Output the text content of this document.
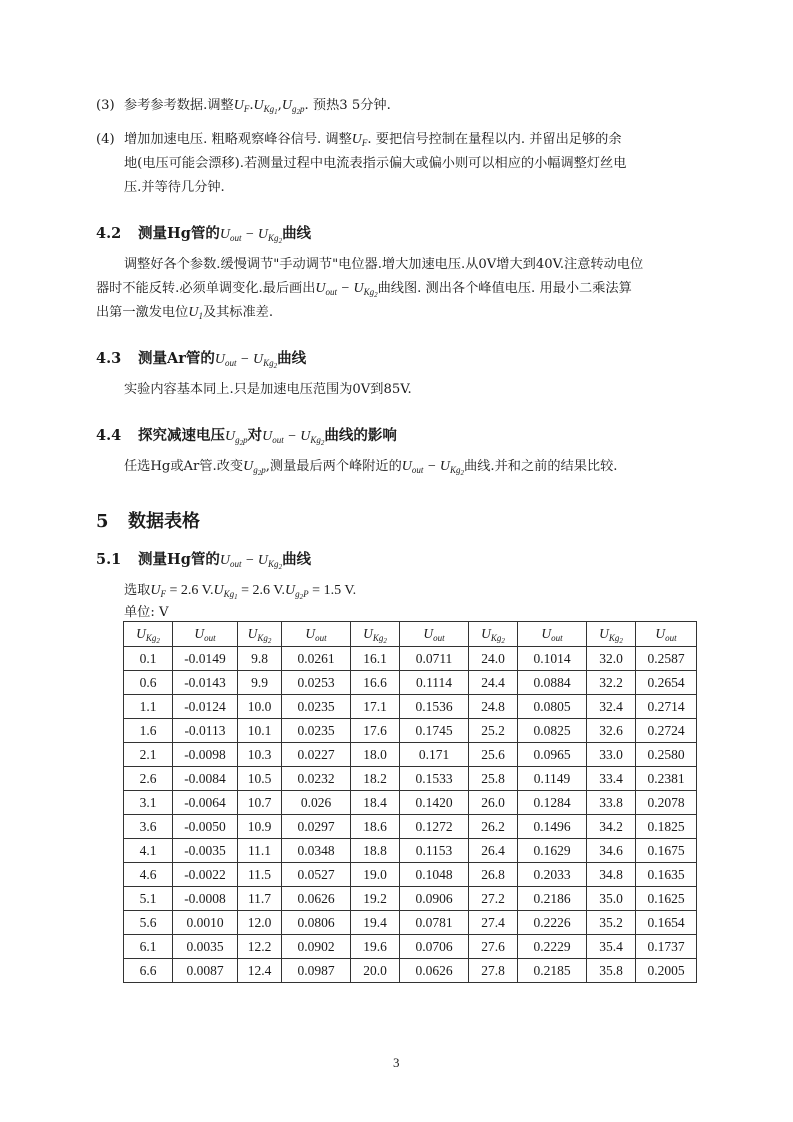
(3) 参考参考数据.调整$U_F.U_{Kg_1},U_{g_2p}$. 预热3 5分钟.
(4) 增加加速电压. 粗略观察峰谷信号. 调整$U_F$. 要把信号控制在量程以内. 并留出足够的余
地(电压可能会漂移).若测量过程中电流表指示偏大或偏小则可以相应的小幅调整灯丝电
压.并等待几分钟.
4.2 测量Hg管的$U_{out} - U_{Kg_2}$曲线
调整好各个参数.缓慢调节"手动调节"电位器.增大加速电压.从0V增大到40V.注意转动电位
器时不能反转.必须单调变化.最后画出$U_{out} - U_{Kg_2}$曲线图. 测出各个峰值电压. 用最小二乘法算
出第一激发电位$U_1$及其标准差.
4.3 测量Ar管的$U_{out} - U_{Kg_2}$曲线
实验内容基本同上.只是加速电压范围为0V到85V.
4.4 探究减速电压$U_{g_2p}$对$U_{out} - U_{Kg_2}$曲线的影响
任选Hg或Ar管.改变$U_{g_2p}$,测量最后两个峰附近的$U_{out} - U_{Kg_2}$曲线.并和之前的结果比较.
5 数据表格
5.1 测量Hg管的$U_{out} - U_{Kg_2}$曲线
选取$U_F = 2.6$ $V.U_{Kg_1} = 2.6$ $V.U_{g_2P} = 1.5$ V.
单位: V
$U_{Kg_2}$	$U_{out}$	$U_{Kg_2}$	$U_{out}$	$U_{Kg_2}$	$U_{out}$	$U_{Kg_2}$	$U_{out}$	$U_{Kg_2}$	$U_{out}$
0.1	-0.0149	9.8	0.0261	16.1	0.0711	24.0	0.1014	32.0	0.2587
0.6	-0.0143	9.9	0.0253	16.6	0.1114	24.4	0.0884	32.2	0.2654
1.1	-0.0124	10.0	0.0235	17.1	0.1536	24.8	0.0805	32.4	0.2714
1.6	-0.0113	10.1	0.0235	17.6	0.1745	25.2	0.0825	32.6	0.2724
2.1	-0.0098	10.3	0.0227	18.0	0.171	25.6	0.0965	33.0	0.2580
2.6	-0.0084	10.5	0.0232	18.2	0.1533	25.8	0.1149	33.4	0.2381
3.1	-0.0064	10.7	0.026	18.4	0.1420	26.0	0.1284	33.8	0.2078
3.6	-0.0050	10.9	0.0297	18.6	0.1272	26.2	0.1496	34.2	0.1825
4.1	-0.0035	11.1	0.0348	18.8	0.1153	26.4	0.1629	34.6	0.1675
4.6	-0.0022	11.5	0.0527	19.0	0.1048	26.8	0.2033	34.8	0.1635
5.1	-0.0008	11.7	0.0626	19.2	0.0906	27.2	0.2186	35.0	0.1625
5.6	0.0010	12.0	0.0806	19.4	0.0781	27.4	0.2226	35.2	0.1654
6.1	0.0035	12.2	0.0902	19.6	0.0706	27.6	0.2229	35.4	0.1737
6.6	0.0087	12.4	0.0987	20.0	0.0626	27.8	0.2185	35.8	0.2005
3
